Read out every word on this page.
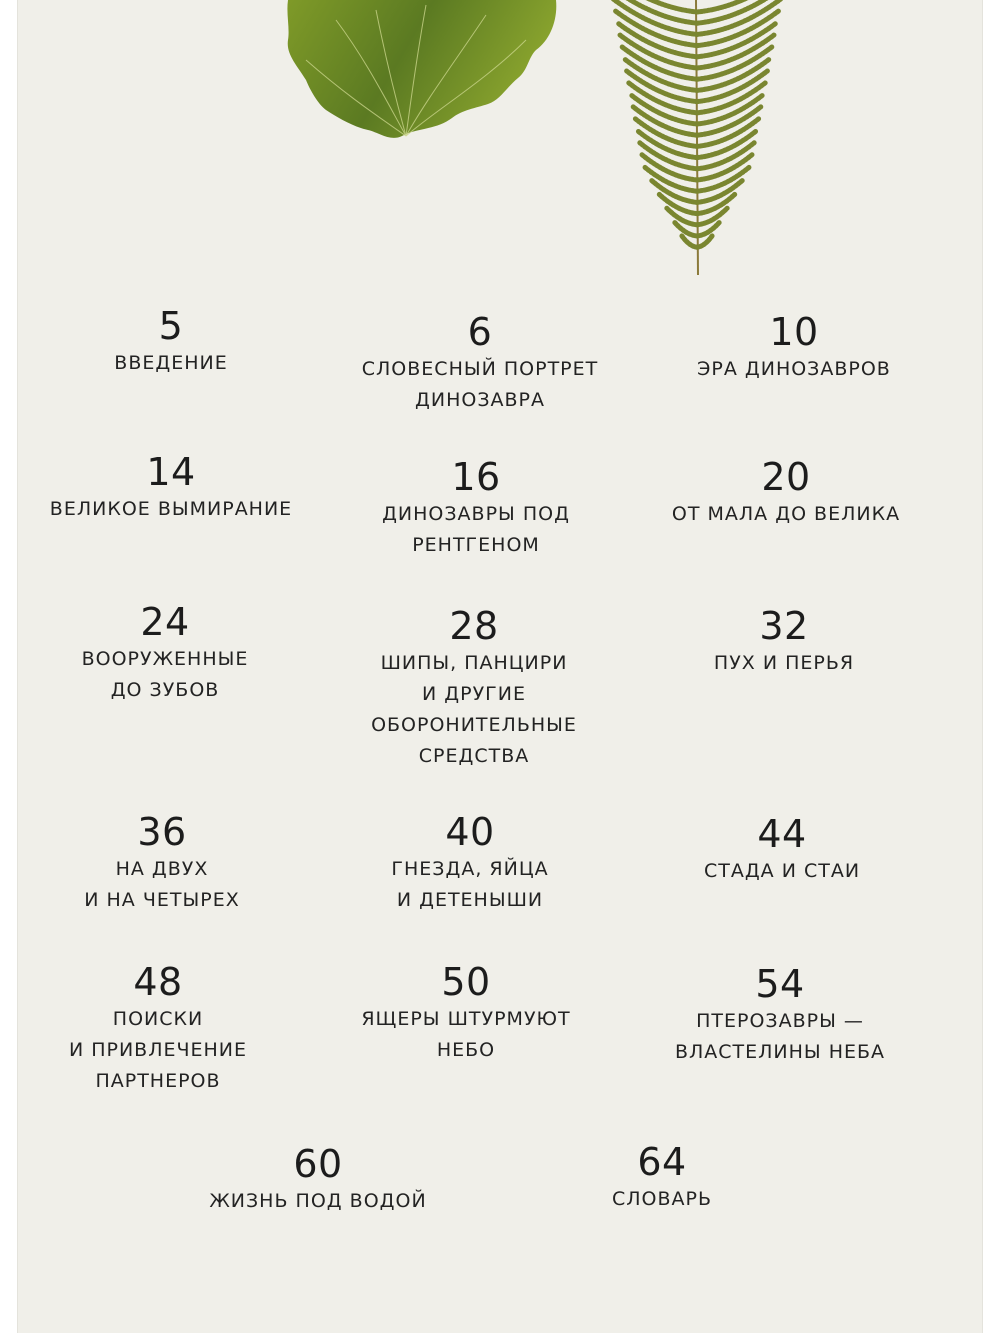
5
ВВЕДЕНИЕ
6
СЛОВЕСНЫЙ ПОРТРЕТ
ДИНОЗАВРА
10
ЭРА ДИНОЗАВРОВ
14
ВЕЛИКОЕ ВЫМИРАНИЕ
16
ДИНОЗАВРЫ ПОД
РЕНТГЕНОМ
20
ОТ МАЛА ДО ВЕЛИКА
24
ВООРУЖЕННЫЕ
ДО ЗУБОВ
28
ШИПЫ, ПАНЦИРИ
И ДРУГИЕ
ОБОРОНИТЕЛЬНЫЕ
СРЕДСТВА
32
ПУХ И ПЕРЬЯ
36
НА ДВУХ
И НА ЧЕТЫРЕХ
40
ГНЕЗДА, ЯЙЦА
И ДЕТЕНЫШИ
44
СТАДА И СТАИ
48
ПОИСКИ
И ПРИВЛЕЧЕНИЕ
ПАРТНЕРОВ
50
ЯЩЕРЫ ШТУРМУЮТ
НЕБО
54
ПТЕРОЗАВРЫ —
ВЛАСТЕЛИНЫ НЕБА
60
ЖИЗНЬ ПОД ВОДОЙ
64
СЛОВАРЬ
